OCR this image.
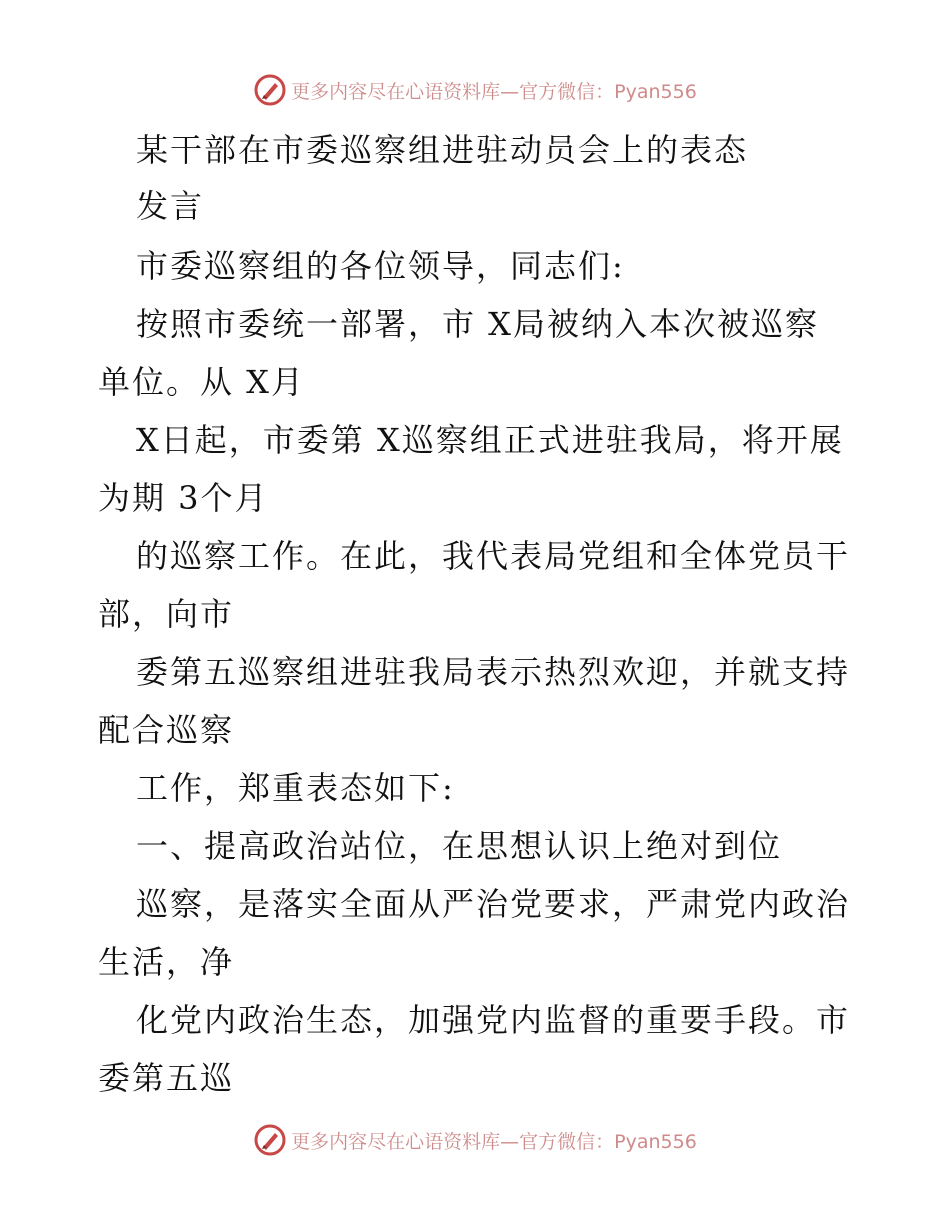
更多内容尽在心语资料库—官方微信：Pyan556
某干部在市委巡察组进驻动员会上的表态
发言
市委巡察组的各位领导，同志们:
按照市委统一部署，市 X局被纳入本次被巡察
单位。从 X月
X日起，市委第 X巡察组正式进驻我局，将开展
为期 3个月
的巡察工作。在此，我代表局党组和全体党员干
部，向市
委第五巡察组进驻我局表示热烈欢迎，并就支持
配合巡察
工作，郑重表态如下:
一、提高政治站位，在思想认识上绝对到位
巡察，是落实全面从严治党要求，严肃党内政治
生活，净
化党内政治生态，加强党内监督的重要手段。市
委第五巡
更多内容尽在心语资料库—官方微信：Pyan556
